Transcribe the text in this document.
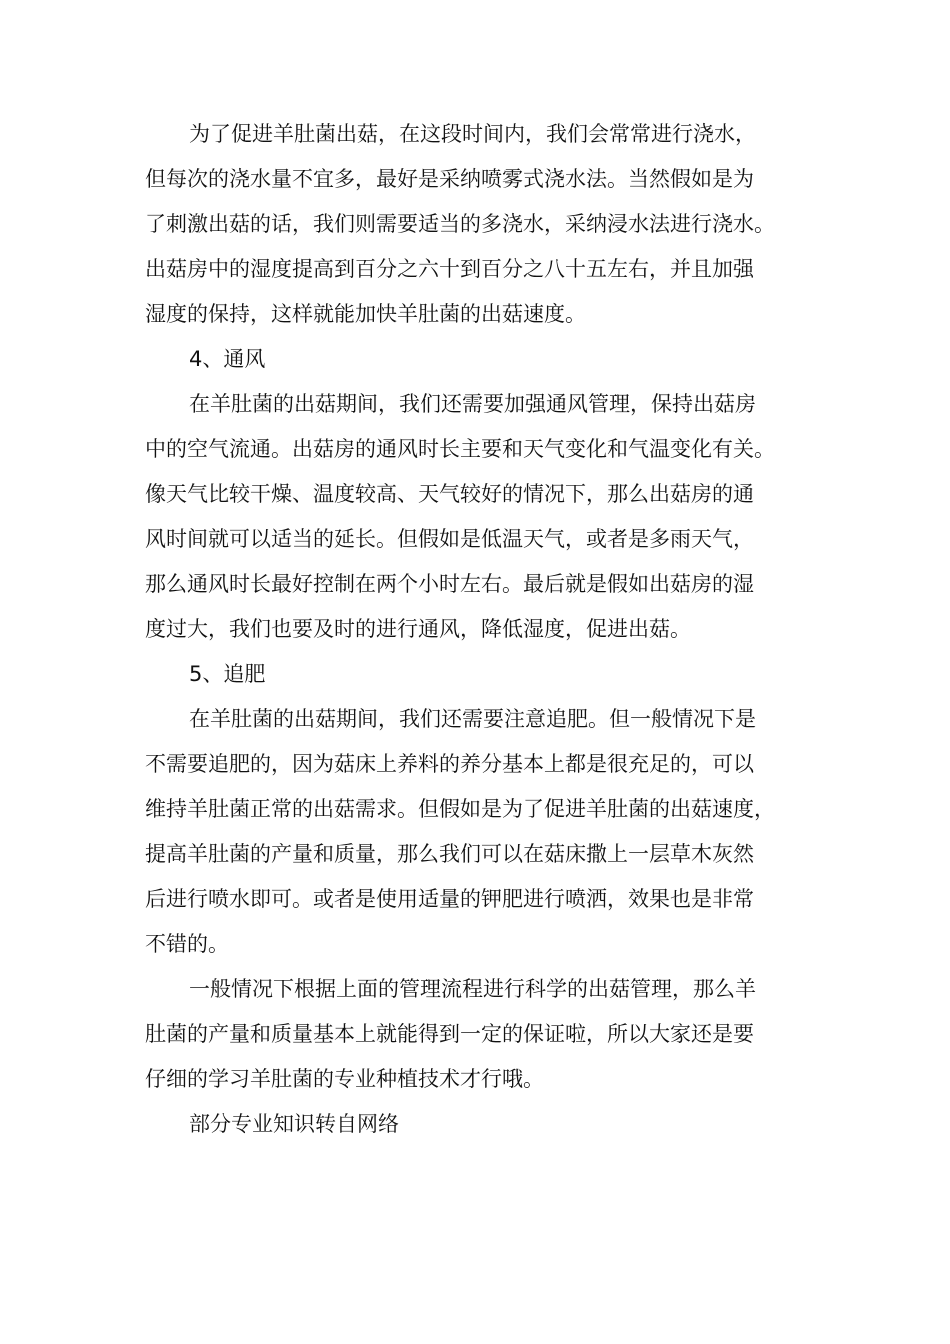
为了促进羊肚菌出菇，在这段时间内，我们会常常进行浇水，
但每次的浇水量不宜多，最好是采纳喷雾式浇水法。当然假如是为
了刺激出菇的话，我们则需要适当的多浇水，采纳浸水法进行浇水。
出菇房中的湿度提高到百分之六十到百分之八十五左右，并且加强
湿度的保持，这样就能加快羊肚菌的出菇速度。
4、通风
在羊肚菌的出菇期间，我们还需要加强通风管理，保持出菇房
中的空气流通。出菇房的通风时长主要和天气变化和气温变化有关。
像天气比较干燥、温度较高、天气较好的情况下，那么出菇房的通
风时间就可以适当的延长。但假如是低温天气，或者是多雨天气，
那么通风时长最好控制在两个小时左右。最后就是假如出菇房的湿
度过大，我们也要及时的进行通风，降低湿度，促进出菇。
5、追肥
在羊肚菌的出菇期间，我们还需要注意追肥。但一般情况下是
不需要追肥的，因为菇床上养料的养分基本上都是很充足的，可以
维持羊肚菌正常的出菇需求。但假如是为了促进羊肚菌的出菇速度，
提高羊肚菌的产量和质量，那么我们可以在菇床撒上一层草木灰然
后进行喷水即可。或者是使用适量的钾肥进行喷洒，效果也是非常
不错的。
一般情况下根据上面的管理流程进行科学的出菇管理，那么羊
肚菌的产量和质量基本上就能得到一定的保证啦，所以大家还是要
仔细的学习羊肚菌的专业种植技术才行哦。
部分专业知识转自网络
